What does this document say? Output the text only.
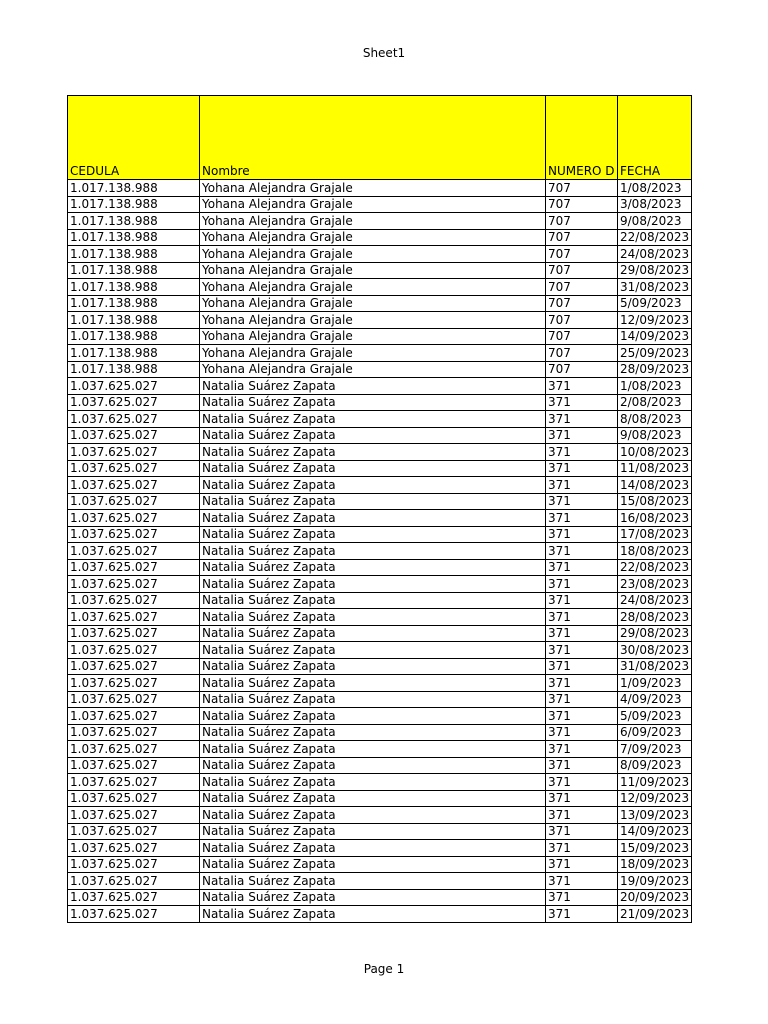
Sheet1
CEDULA	Nombre	NUMERO D	FECHA
1.017.138.988	Yohana Alejandra Grajale	707	1/08/2023
1.017.138.988	Yohana Alejandra Grajale	707	3/08/2023
1.017.138.988	Yohana Alejandra Grajale	707	9/08/2023
1.017.138.988	Yohana Alejandra Grajale	707	22/08/2023
1.017.138.988	Yohana Alejandra Grajale	707	24/08/2023
1.017.138.988	Yohana Alejandra Grajale	707	29/08/2023
1.017.138.988	Yohana Alejandra Grajale	707	31/08/2023
1.017.138.988	Yohana Alejandra Grajale	707	5/09/2023
1.017.138.988	Yohana Alejandra Grajale	707	12/09/2023
1.017.138.988	Yohana Alejandra Grajale	707	14/09/2023
1.017.138.988	Yohana Alejandra Grajale	707	25/09/2023
1.017.138.988	Yohana Alejandra Grajale	707	28/09/2023
1.037.625.027	Natalia Suárez Zapata	371	1/08/2023
1.037.625.027	Natalia Suárez Zapata	371	2/08/2023
1.037.625.027	Natalia Suárez Zapata	371	8/08/2023
1.037.625.027	Natalia Suárez Zapata	371	9/08/2023
1.037.625.027	Natalia Suárez Zapata	371	10/08/2023
1.037.625.027	Natalia Suárez Zapata	371	11/08/2023
1.037.625.027	Natalia Suárez Zapata	371	14/08/2023
1.037.625.027	Natalia Suárez Zapata	371	15/08/2023
1.037.625.027	Natalia Suárez Zapata	371	16/08/2023
1.037.625.027	Natalia Suárez Zapata	371	17/08/2023
1.037.625.027	Natalia Suárez Zapata	371	18/08/2023
1.037.625.027	Natalia Suárez Zapata	371	22/08/2023
1.037.625.027	Natalia Suárez Zapata	371	23/08/2023
1.037.625.027	Natalia Suárez Zapata	371	24/08/2023
1.037.625.027	Natalia Suárez Zapata	371	28/08/2023
1.037.625.027	Natalia Suárez Zapata	371	29/08/2023
1.037.625.027	Natalia Suárez Zapata	371	30/08/2023
1.037.625.027	Natalia Suárez Zapata	371	31/08/2023
1.037.625.027	Natalia Suárez Zapata	371	1/09/2023
1.037.625.027	Natalia Suárez Zapata	371	4/09/2023
1.037.625.027	Natalia Suárez Zapata	371	5/09/2023
1.037.625.027	Natalia Suárez Zapata	371	6/09/2023
1.037.625.027	Natalia Suárez Zapata	371	7/09/2023
1.037.625.027	Natalia Suárez Zapata	371	8/09/2023
1.037.625.027	Natalia Suárez Zapata	371	11/09/2023
1.037.625.027	Natalia Suárez Zapata	371	12/09/2023
1.037.625.027	Natalia Suárez Zapata	371	13/09/2023
1.037.625.027	Natalia Suárez Zapata	371	14/09/2023
1.037.625.027	Natalia Suárez Zapata	371	15/09/2023
1.037.625.027	Natalia Suárez Zapata	371	18/09/2023
1.037.625.027	Natalia Suárez Zapata	371	19/09/2023
1.037.625.027	Natalia Suárez Zapata	371	20/09/2023
1.037.625.027	Natalia Suárez Zapata	371	21/09/2023
Page 1
